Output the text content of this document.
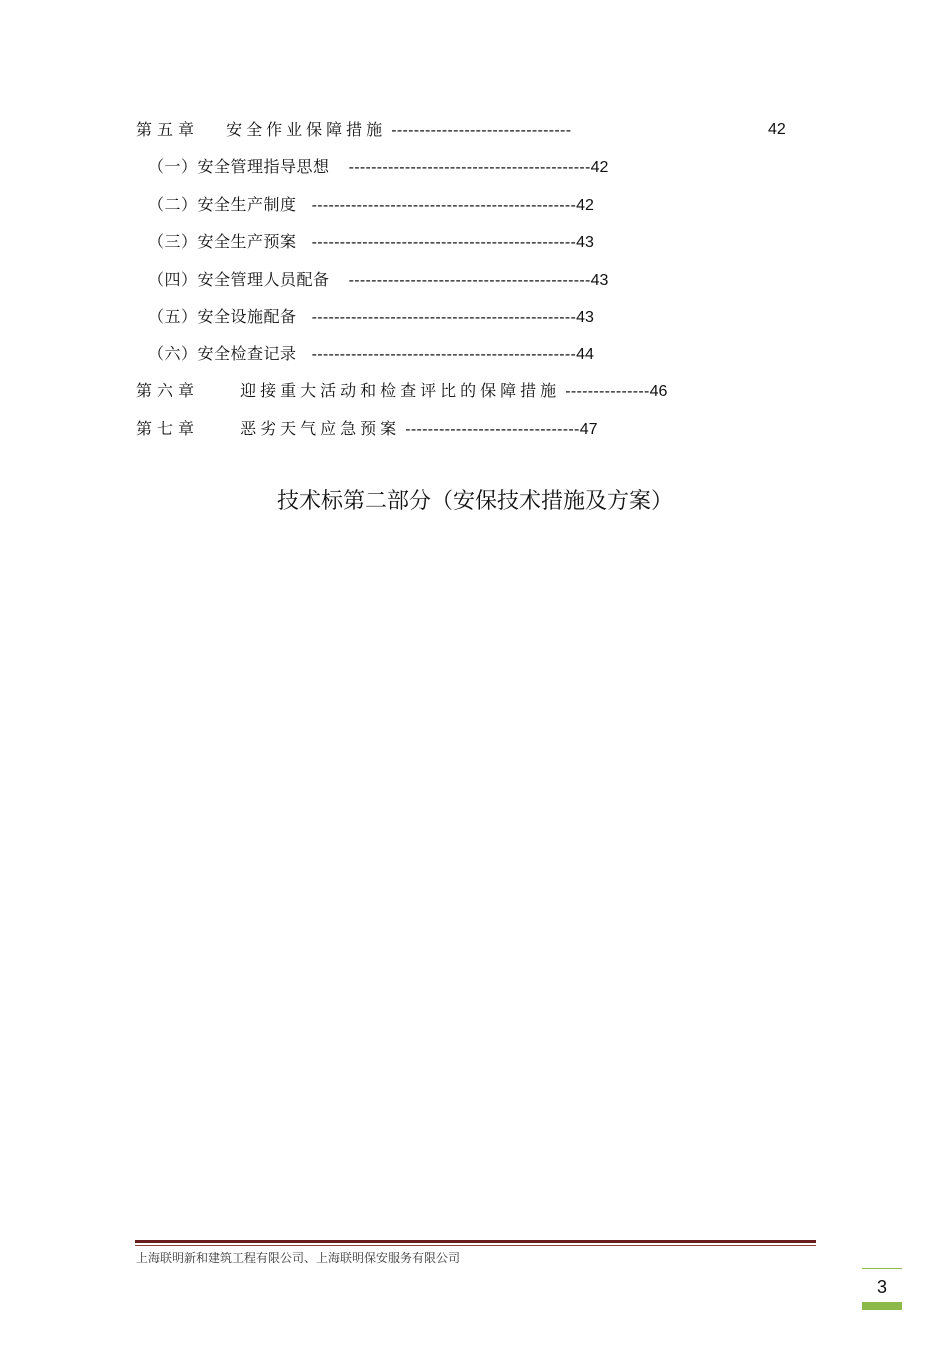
第五章 安全作业保障措施 --------------------------------	42
（一）安全管理指导思想 -------------------------------------------42
（二）安全生产制度 -----------------------------------------------42
（三）安全生产预案 -----------------------------------------------43
（四）安全管理人员配备 -------------------------------------------43
（五）安全设施配备 -----------------------------------------------43
（六）安全检查记录 -----------------------------------------------44
第六章	迎接重大活动和检查评比的保障措施 ---------------46
第七章	恶劣天气应急预案 -------------------------------47
技术标第二部分（安保技术措施及方案）
上海联明新和建筑工程有限公司、上海联明保安服务有限公司
3
